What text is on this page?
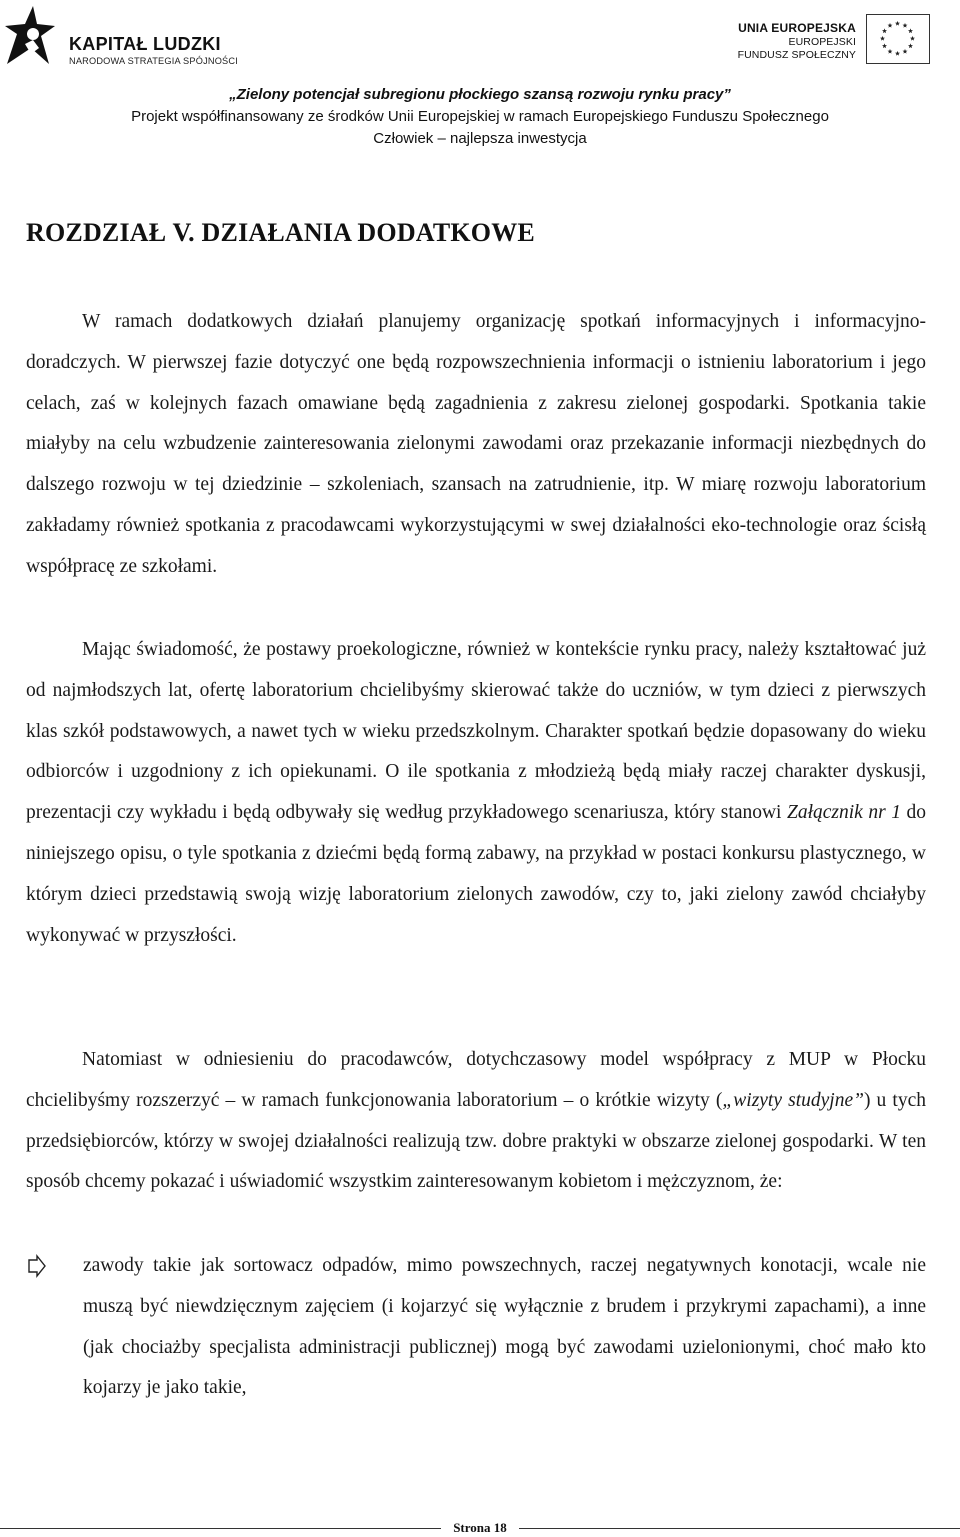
KAPITAŁ LUDZKI
NARODOWA STRATEGIA SPÓJNOŚCI
UNIA EUROPEJSKA
EUROPEJSKI
FUNDUSZ SPOŁECZNY
„Zielony potencjał subregionu płockiego szansą rozwoju rynku pracy”
Projekt współfinansowany ze środków Unii Europejskiej w ramach Europejskiego Funduszu Społecznego
Człowiek – najlepsza inwestycja
ROZDZIAŁ V. DZIAŁANIA DODATKOWE

W ramach dodatkowych działań planujemy organizację spotkań informacyjnych i informacyjno-doradczych. W pierwszej fazie dotyczyć one będą rozpowszechnienia informacji o istnieniu laboratorium i jego celach, zaś w kolejnych fazach omawiane będą zagadnienia z zakresu zielonej gospodarki. Spotkania takie miałyby na celu wzbudzenie zainteresowania zielonymi zawodami oraz przekazanie informacji niezbędnych do dalszego rozwoju w tej dziedzinie – szkoleniach, szansach na zatrudnienie, itp. W miarę rozwoju laboratorium zakładamy również spotkania z pracodawcami wykorzystującymi w swej działalności eko-technologie oraz ścisłą współpracę ze szkołami.

Mając świadomość, że postawy proekologiczne, również w kontekście rynku pracy, należy kształtować już od najmłodszych lat, ofertę laboratorium chcielibyśmy skierować także do uczniów, w tym dzieci z pierwszych klas szkół podstawowych, a nawet tych w wieku przedszkolnym. Charakter spotkań będzie dopasowany do wieku odbiorców i uzgodniony z ich opiekunami. O ile spotkania z młodzieżą będą miały raczej charakter dyskusji, prezentacji czy wykładu i będą odbywały się według przykładowego scenariusza, który stanowi Załącznik nr 1 do niniejszego opisu, o tyle spotkania z dziećmi będą formą zabawy, na przykład w postaci konkursu plastycznego, w którym dzieci przedstawią swoją wizję laboratorium zielonych zawodów, czy to, jaki zielony zawód chciałyby wykonywać w przyszłości.

Natomiast w odniesieniu do pracodawców, dotychczasowy model współpracy z MUP w Płocku chcielibyśmy rozszerzyć – w ramach funkcjonowania laboratorium – o krótkie wizyty („wizyty studyjne”) u tych przedsiębiorców, którzy w swojej działalności realizują tzw. dobre praktyki w obszarze zielonej gospodarki. W ten sposób chcemy pokazać i uświadomić wszystkim zainteresowanym kobietom i mężczyznom, że:

zawody takie jak sortowacz odpadów, mimo powszechnych, raczej negatywnych konotacji, wcale nie muszą być niewdzięcznym zajęciem (i kojarzyć się wyłącznie z brudem i przykrymi zapachami), a inne (jak chociażby specjalista administracji publicznej) mogą być zawodami uzielonionymi, choć mało kto kojarzy je jako takie,
Strona 18
